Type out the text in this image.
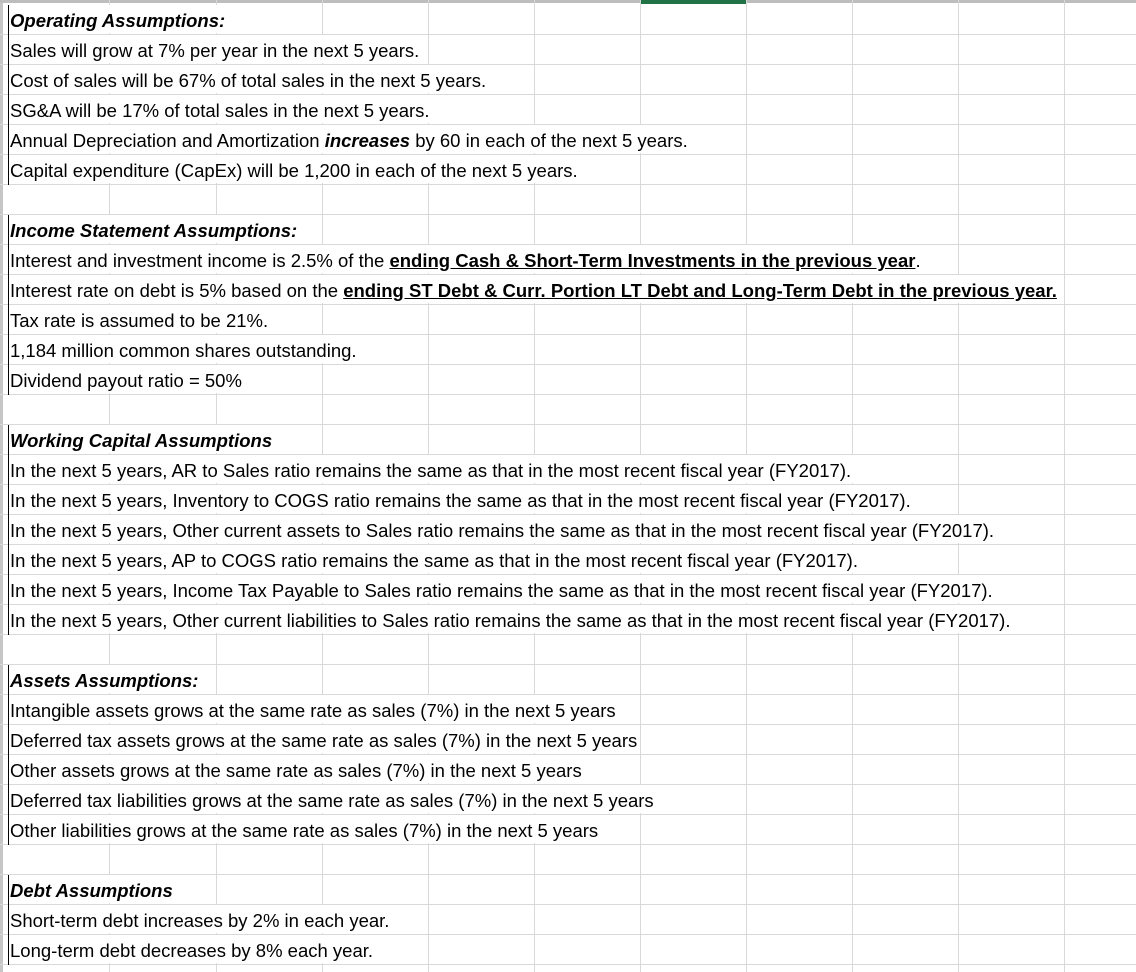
Operating Assumptions:
Sales will grow at 7% per year in the next 5 years.
Cost of sales will be 67% of total sales in the next 5 years.
SG&A will be 17% of total sales in the next 5 years.
Annual Depreciation and Amortization increases by 60 in each of the next 5 years.
Capital expenditure (CapEx) will be 1,200 in each of the next 5 years.
Income Statement Assumptions:
Interest and investment income is 2.5% of the ending Cash & Short-Term Investments in the previous year.
Interest rate on debt is 5% based on the ending ST Debt & Curr. Portion LT Debt and Long-Term Debt in the previous year.
Tax rate is assumed to be 21%.
1,184 million common shares outstanding.
Dividend payout ratio = 50%
Working Capital Assumptions
In the next 5 years, AR to Sales ratio remains the same as that in the most recent fiscal year (FY2017).
In the next 5 years, Inventory to COGS ratio remains the same as that in the most recent fiscal year (FY2017).
In the next 5 years, Other current assets to Sales ratio remains the same as that in the most recent fiscal year (FY2017).
In the next 5 years, AP to COGS ratio remains the same as that in the most recent fiscal year (FY2017).
In the next 5 years, Income Tax Payable to Sales ratio remains the same as that in the most recent fiscal year (FY2017).
In the next 5 years, Other current liabilities to Sales ratio remains the same as that in the most recent fiscal year (FY2017).
Assets Assumptions:
Intangible assets grows at the same rate as sales (7%) in the next 5 years
Deferred tax assets grows at the same rate as sales (7%) in the next 5 years
Other assets grows at the same rate as sales (7%) in the next 5 years
Deferred tax liabilities grows at the same rate as sales (7%) in the next 5 years
Other liabilities grows at the same rate as sales (7%) in the next 5 years
Debt Assumptions
Short-term debt increases by 2% in each year.
Long-term debt decreases by 8% each year.
